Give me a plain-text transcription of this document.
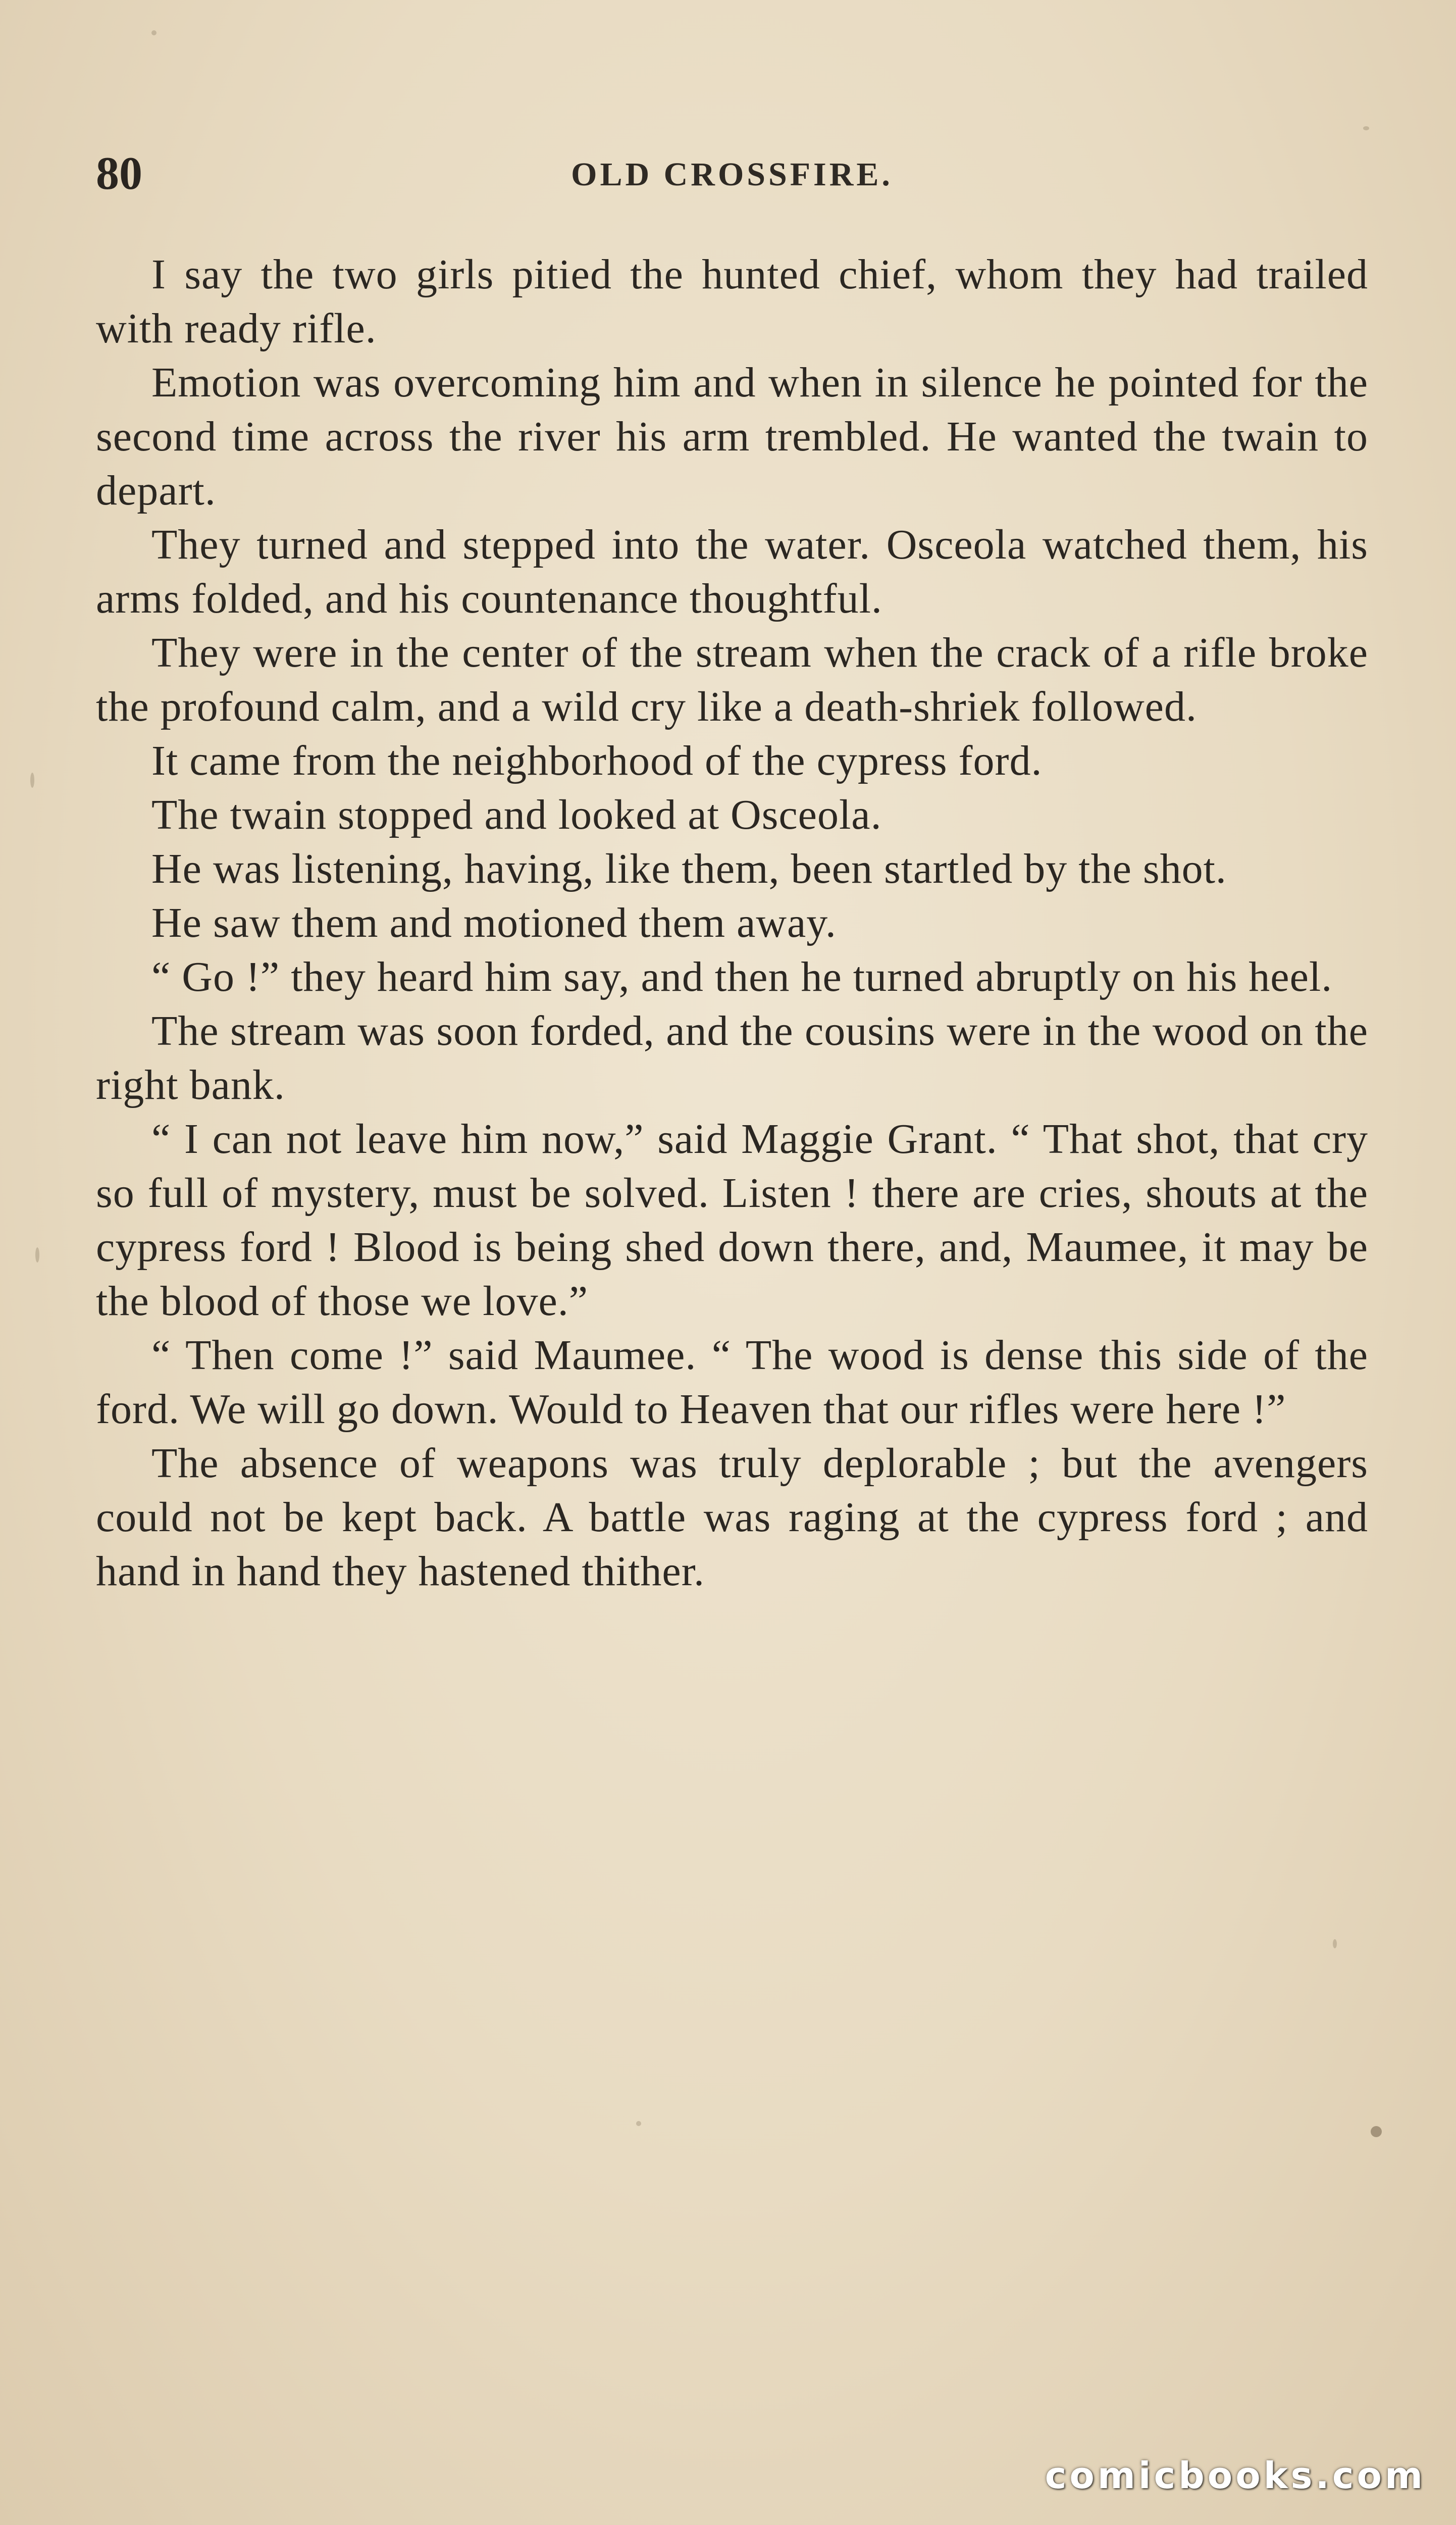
80	OLD CROSSFIRE.

I say the two girls pitied the hunted chief, whom they had trailed with ready rifle.

Emotion was overcoming him and when in silence he pointed for the second time across the river his arm trembled. He wanted the twain to depart.

They turned and stepped into the water. Osceola watched them, his arms folded, and his countenance thoughtful.

They were in the center of the stream when the crack of a rifle broke the profound calm, and a wild cry like a death-shriek followed.

It came from the neighborhood of the cypress ford.

The twain stopped and looked at Osceola.

He was listening, having, like them, been startled by the shot.

He saw them and motioned them away.

“ Go !” they heard him say, and then he turned abruptly on his heel.

The stream was soon forded, and the cousins were in the wood on the right bank.

“ I can not leave him now,” said Maggie Grant. “ That shot, that cry so full of mystery, must be solved. Listen ! there are cries, shouts at the cypress ford ! Blood is being shed down there, and, Maumee, it may be the blood of those we love.”

“ Then come !” said Maumee. “ The wood is dense this side of the ford. We will go down. Would to Heaven that our rifles were here !”

The absence of weapons was truly deplorable ; but the avengers could not be kept back. A battle was raging at the cypress ford ; and hand in hand they hastened thither.

comicbooks.com
